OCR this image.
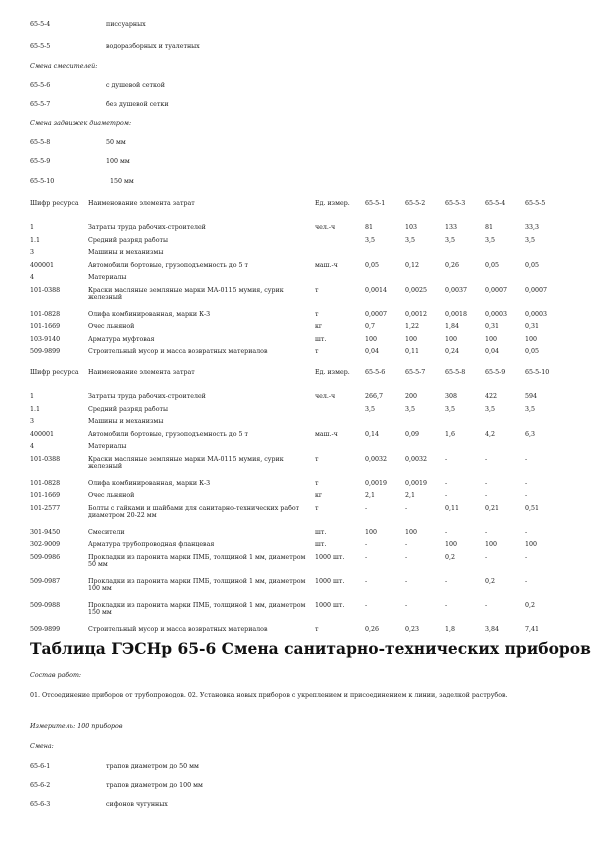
65-5-4	писсуарных
65-5-5	водоразборных и туалетных
Смена смесителей:
65-5-6	с душевой сеткой
65-5-7	без душевой сетки
Смена задвижек диаметром:
65-5-8	50 мм
65-5-9	100 мм
65-5-10	150 мм
Шифр ресурса	Наименование элемента затрат	Ед. измер.	65-5-1	65-5-2	65-5-3	65-5-4	65-5-5
1	Затраты труда рабочих-строителей	чел.-ч	81	103	133	81	33,3
1.1	Средний разряд работы		3,5	3,5	3,5	3,5	3,5
3	Машины и механизмы						
400001	Автомобили бортовые, грузоподъемность до 5 т	маш.-ч	0,05	0,12	0,26	0,05	0,05
4	Материалы						
101-0388	Краски масляные земляные марки МА-0115 мумия, сурик железный	т	0,0014	0,0025	0,0037	0,0007	0,0007
101-0828	Олифа комбинированная, марки К-3	т	0,0007	0,0012	0,0018	0,0003	0,0003
101-1669	Очес льняной	кг	0,7	1,22	1,84	0,31	0,31
103-9140	Арматура муфтовая	шт.	100	100	100	100	100
509-9899	Строительный мусор и масса возвратных материалов	т	0,04	0,11	0,24	0,04	0,05
Шифр ресурса	Наименование элемента затрат	Ед. измер.	65-5-6	65-5-7	65-5-8	65-5-9	65-5-10
1	Затраты труда рабочих-строителей	чел.-ч	266,7	200	308	422	594
1.1	Средний разряд работы		3,5	3,5	3,5	3,5	3,5
3	Машины и механизмы						
400001	Автомобили бортовые, грузоподъемность до 5 т	маш.-ч	0,14	0,09	1,6	4,2	6,3
4	Материалы						
101-0388	Краски масляные земляные марки МА-0115 мумия, сурик железный	т	0,0032	0,0032	-	-	-
101-0828	Олифа комбинированная, марки К-3	т	0,0019	0,0019	-	-	-
101-1669	Очес льняной	кг	2,1	2,1	-	-	-
101-2577	Болты с гайками и шайбами для санитарно-технических работ диаметром 20-22 мм	т	-	-	0,11	0,21	0,51
301-9450	Смесители	шт.	100	100	-	-	-
302-9009	Арматура трубопроводная фланцевая	шт.	-	-	100	100	100
509-0986	Прокладки из паронита марки ПМБ, толщиной 1 мм, диаметром 50 мм	1000 шт.	-	-	0,2	-	-
509-0987	Прокладки из паронита марки ПМБ, толщиной 1 мм, диаметром 100 мм	1000 шт.	-	-	-	0,2	-
509-0988	Прокладки из паронита марки ПМБ, толщиной 1 мм, диаметром 150 мм	1000 шт.	-	-	-	-	0,2
509-9899	Строительный мусор и масса возвратных материалов	т	0,26	0,23	1,8	3,84	7,41
Таблица ГЭСНр 65-6 Смена санитарно-технических приборов
Состав работ:
01. Отсоединение приборов от трубопроводов. 02. Установка новых приборов с укреплением и присоединением к линии, заделкой раструбов.
Измеритель: 100 приборов
Смена:
65-6-1	трапов диаметром до 50 мм
65-6-2	трапов диаметром до 100 мм
65-6-3	сифонов чугунных
